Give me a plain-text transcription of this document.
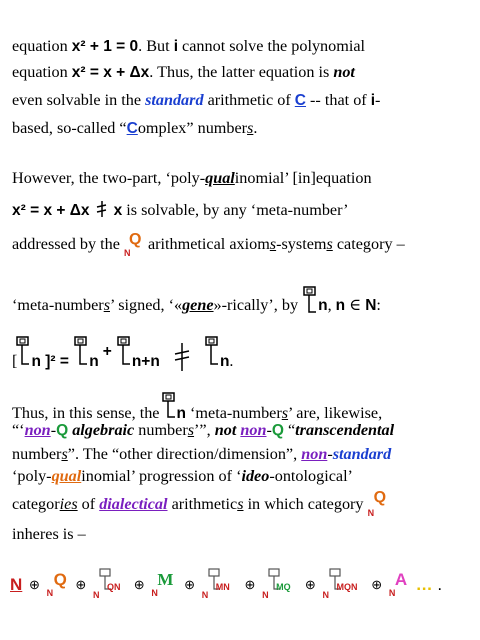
equation x² + 1 = 0. But i cannot solve the polynomial
equation x² = x + Δx. Thus, the latter equation is not
even solvable in the standard arithmetic of C -- that of i-
based, so-called “Complex” numbers.
However, the two-part, ‘poly-qualinomial’ [in]equation
x² = x + Δx x is solvable, by any ‘meta-number’
addressed by the Q
N arithmetical axioms-systems category –
‘meta-numbers’ signed, ‘«gene»-rically’, by n, n ∈ N:
[ n ]² = n + n+n	n.
Thus, in this sense, the n ‘meta-numbers’ are, likewise,
“‘non-Q algebraic numbers’”, not non-Q “transcendental
numbers”. The “other direction/dimension”, non-standard
‘poly-qualinomial’ progression of ‘ideo-ontological’
categories of dialectical arithmetics in which category Q
N
inheres is –
N ⊕ Q
N
⊕
N
QN ⊕ M
N
⊕
N
MN ⊕
N
MQ ⊕
N
MQN ⊕ A
N … .
